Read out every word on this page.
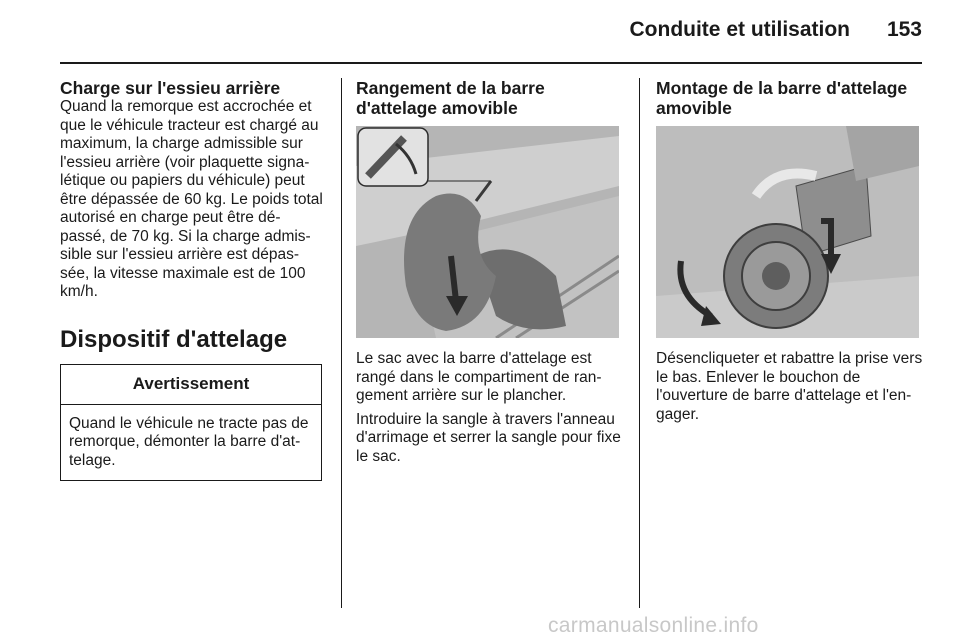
Conduite et utilisation 153

Charge sur l'essieu arrière

Quand la remorque est accrochée et que le véhicule tracteur est chargé au maximum, la charge admissible sur l'essieu arrière (voir plaquette signa-létique ou papiers du véhicule) peut être dépassée de 60 kg. Le poids total autorisé en charge peut être dé-passé, de 70 kg. Si la charge admis-sible sur l'essieu arrière est dépas-sée, la vitesse maximale est de 100 km/h.

Dispositif d'attelage

Avertissement
Quand le véhicule ne tracte pas de remorque, démonter la barre d'at-telage.

Rangement de la barre d'attelage amovible

Le sac avec la barre d'attelage est rangé dans le compartiment de ran-gement arrière sur le plancher.

Introduire la sangle à travers l'anneau d'arrimage et serrer la sangle pour fixe le sac.

Montage de la barre d'attelage amovible

Désencliqueter et rabattre la prise vers le bas. Enlever le bouchon de l'ouverture de barre d'attelage et l'en-gager.

carmanualsonline.info
